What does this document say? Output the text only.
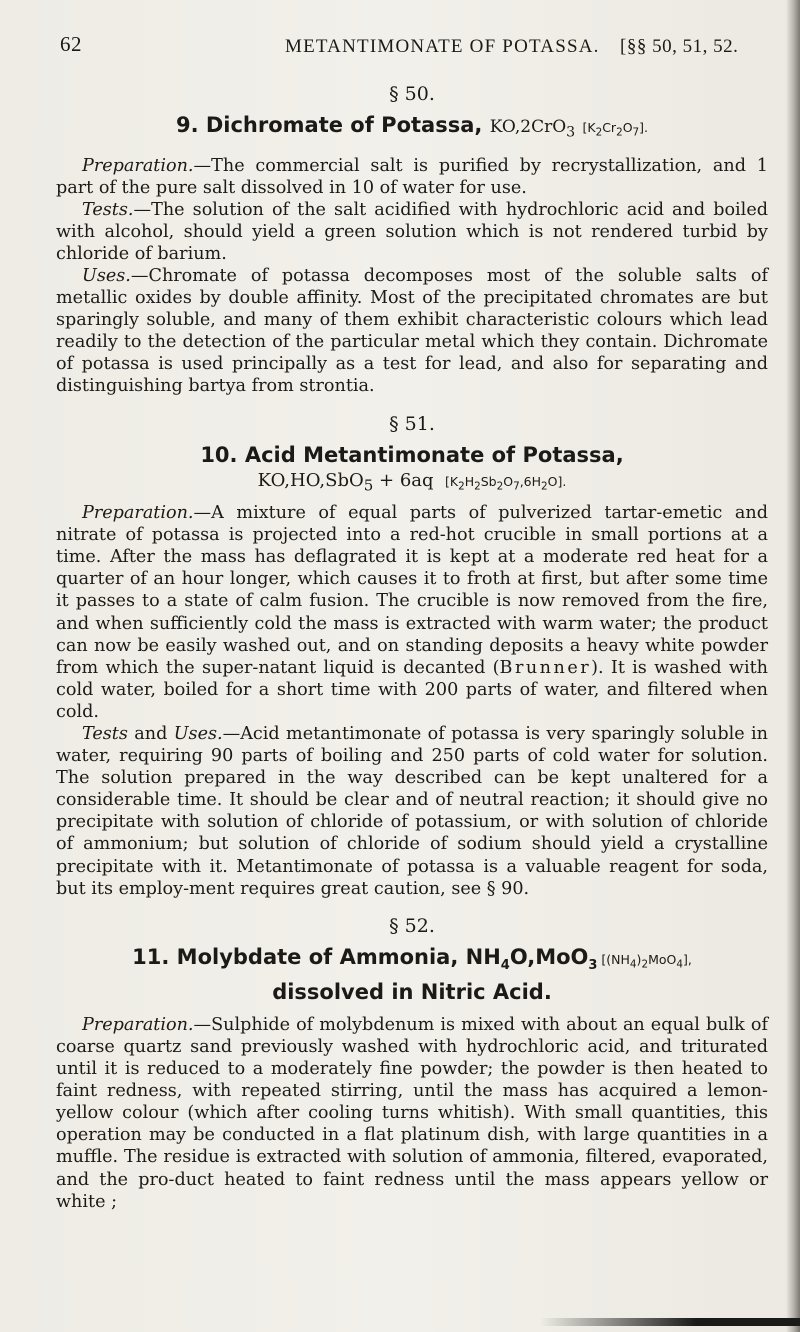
62	METANTIMONATE OF POTASSA. [§§ 50, 51, 52.
§ 50.
9. Dichromate of Potassa, KO,2CrO$_3$ $[K_2Cr_2O_7]$.

Preparation.—The commercial salt is purified by recrystallization, and 1 part of the pure salt dissolved in 10 of water for use.

Tests.—The solution of the salt acidified with hydrochloric acid and boiled with alcohol, should yield a green solution which is not rendered turbid by chloride of barium.

Uses.—Chromate of potassa decomposes most of the soluble salts of metallic oxides by double affinity. Most of the precipitated chromates are but sparingly soluble, and many of them exhibit characteristic colours which lead readily to the detection of the particular metal which they contain. Dichromate of potassa is used principally as a test for lead, and also for separating and distinguishing bartya from strontia.

§ 51.
10. Acid Metantimonate of Potassa,
KO,HO,SbO$_5$ + 6aq $[K_2H_2Sb_2O_7,6H_2O]$.

Preparation.—A mixture of equal parts of pulverized tartar-emetic and nitrate of potassa is projected into a red-hot crucible in small portions at a time. After the mass has deflagrated it is kept at a moderate red heat for a quarter of an hour longer, which causes it to froth at first, but after some time it passes to a state of calm fusion. The crucible is now removed from the fire, and when sufficiently cold the mass is extracted with warm water; the product can now be easily washed out, and on standing deposits a heavy white powder from which the super-natant liquid is decanted (Brunner). It is washed with cold water, boiled for a short time with 200 parts of water, and filtered when cold.

Tests and Uses.—Acid metantimonate of potassa is very sparingly soluble in water, requiring 90 parts of boiling and 250 parts of cold water for solution. The solution prepared in the way described can be kept unaltered for a considerable time. It should be clear and of neutral reaction; it should give no precipitate with solution of chloride of potassium, or with solution of chloride of ammonium; but solution of chloride of sodium should yield a crystalline precipitate with it. Metantimonate of potassa is a valuable reagent for soda, but its employ-ment requires great caution, see § 90.

§ 52.
11. Molybdate of Ammonia, $NH_4O,MoO_3$ $[(NH_4)_2MoO_4]$,
dissolved in Nitric Acid.

Preparation.—Sulphide of molybdenum is mixed with about an equal bulk of coarse quartz sand previously washed with hydrochloric acid, and triturated until it is reduced to a moderately fine powder; the powder is then heated to faint redness, with repeated stirring, until the mass has acquired a lemon-yellow colour (which after cooling turns whitish). With small quantities, this operation may be conducted in a flat platinum dish, with large quantities in a muffle. The residue is extracted with solution of ammonia, filtered, evaporated, and the pro-duct heated to faint redness until the mass appears yellow or white ;
